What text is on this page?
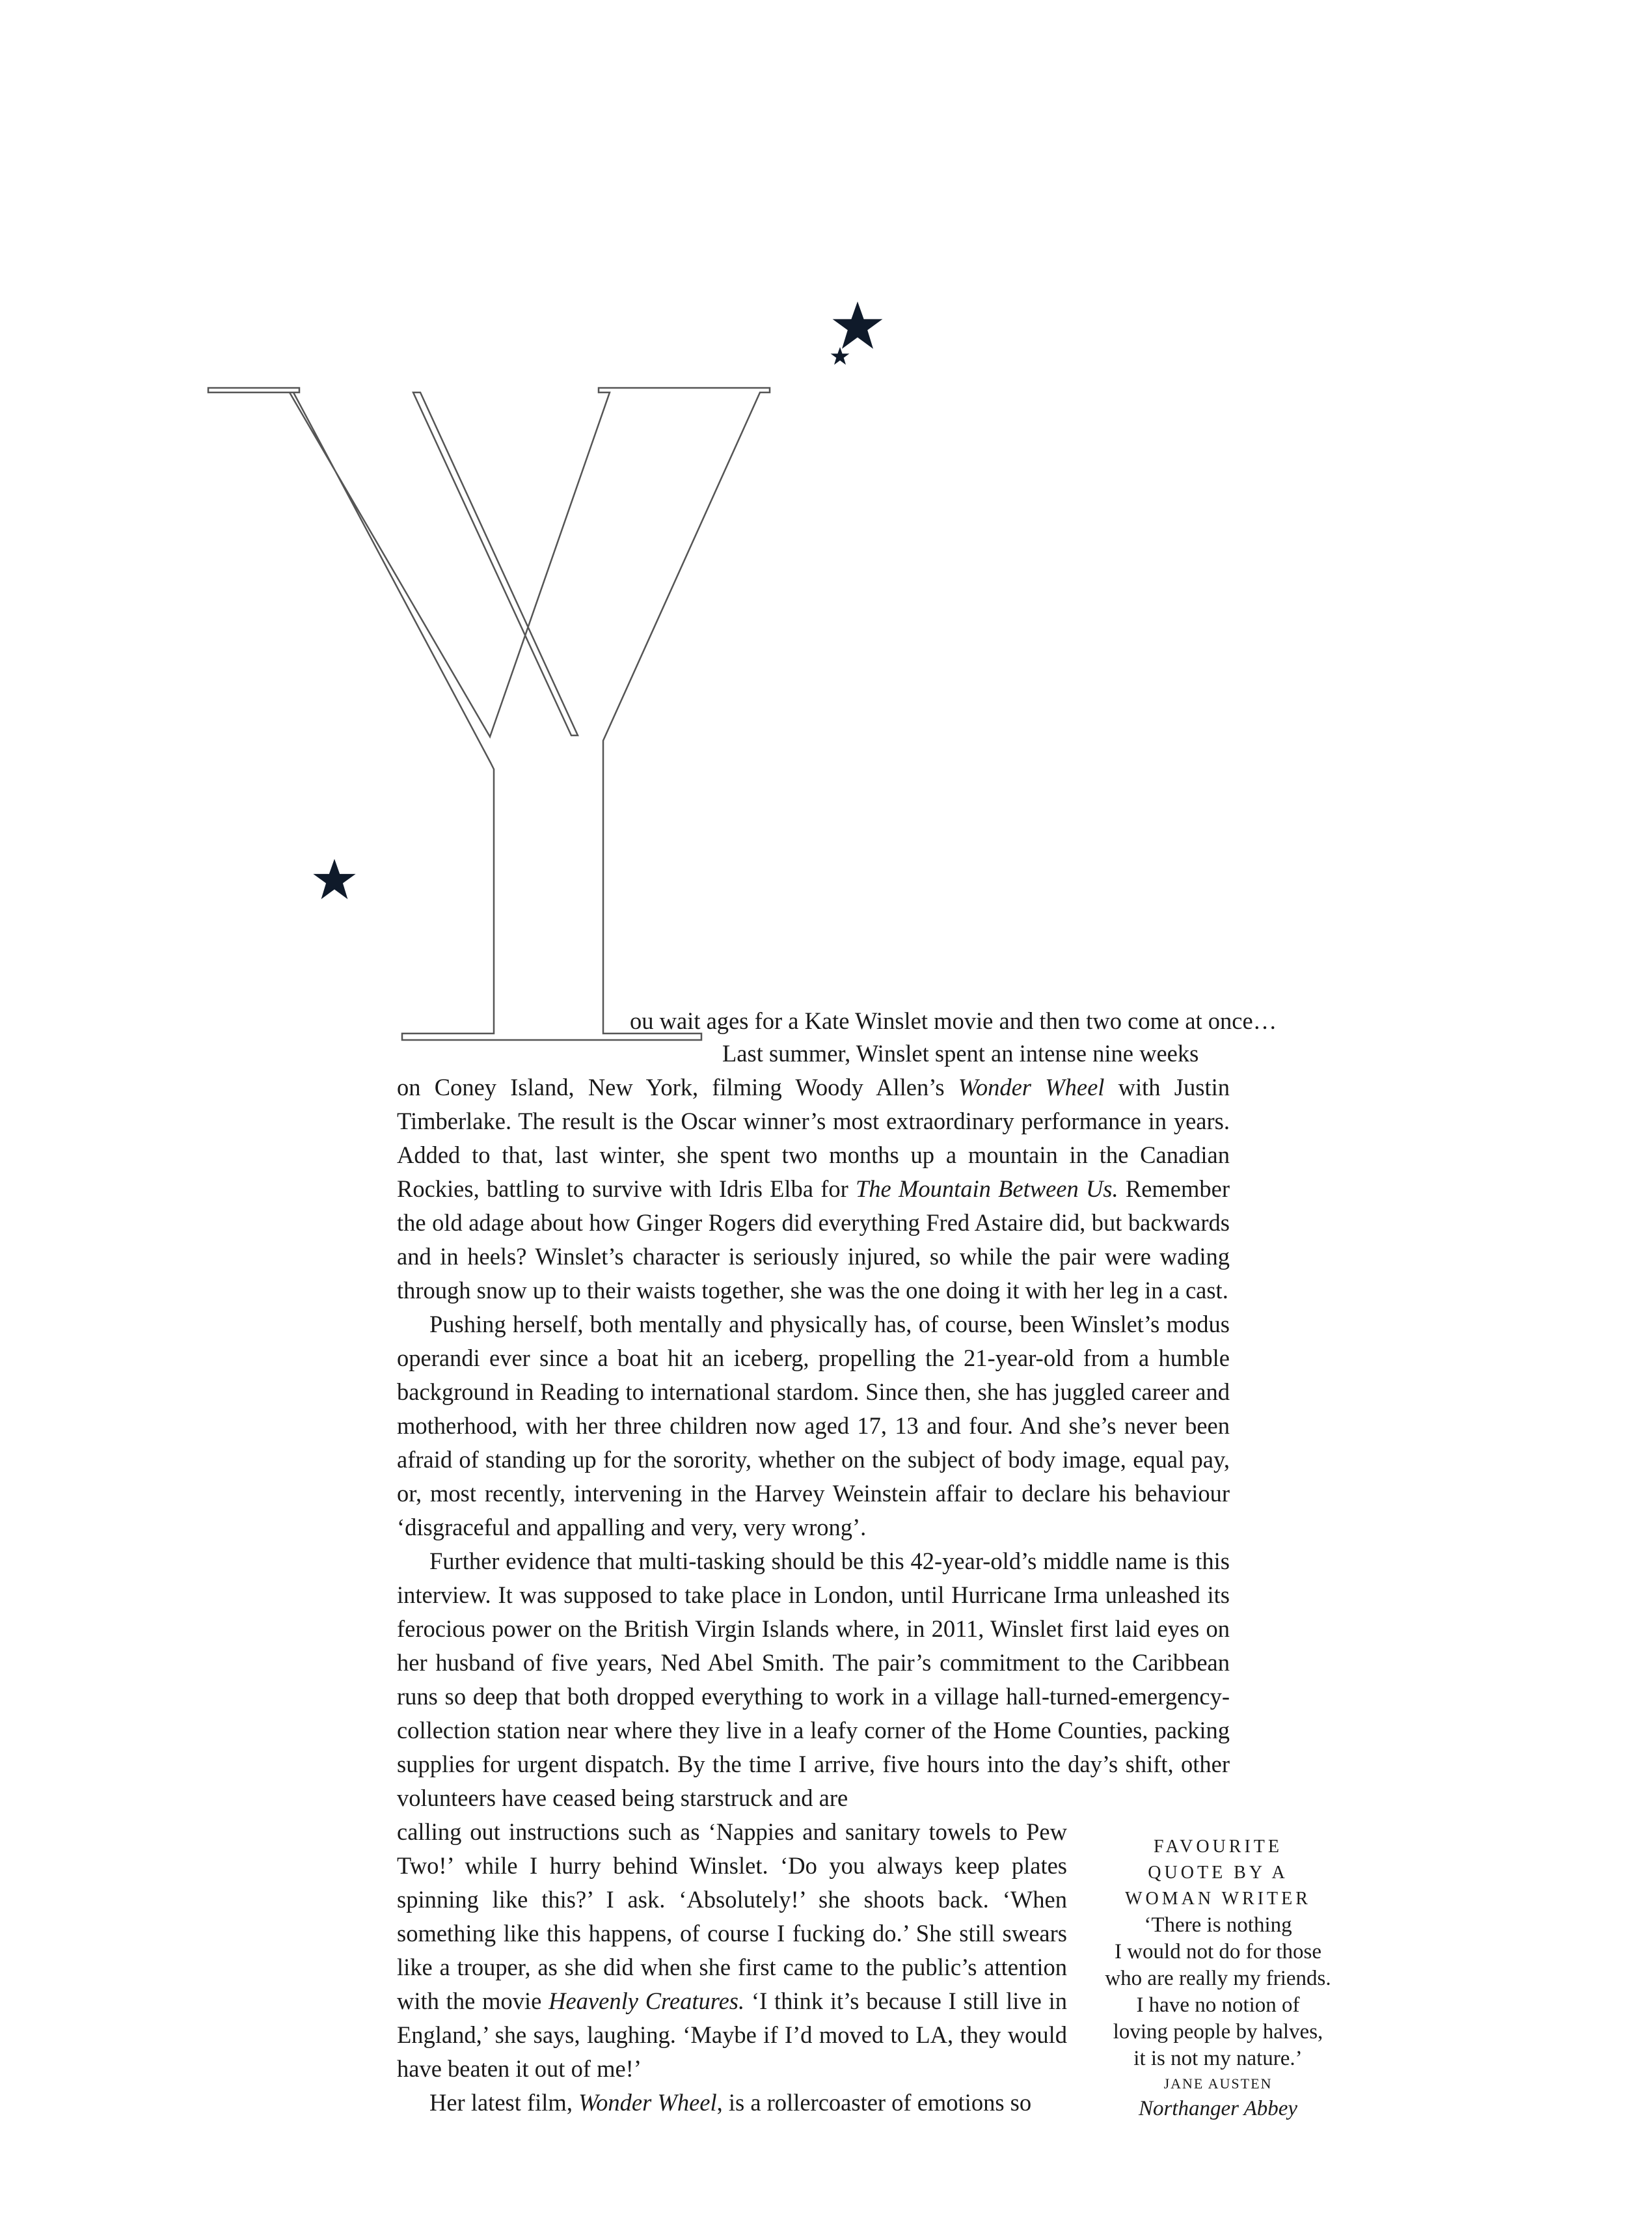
ou wait ages for a Kate Winslet movie and then two come at once…

Last summer, Winslet spent an intense nine weeks

on Coney Island, New York, filming Woody Allen’s Wonder Wheel with Justin Timberlake. The result is the Oscar winner’s most extraordinary performance in years. Added to that, last winter, she spent two months up a mountain in the Canadian Rockies, battling to survive with Idris Elba for The Mountain Between Us. Remember the old adage about how Ginger Rogers did everything Fred Astaire did, but backwards and in heels? Winslet’s character is seriously injured, so while the pair were wading through snow up to their waists together, she was the one doing it with her leg in a cast.

Pushing herself, both mentally and physically has, of course, been Winslet’s modus operandi ever since a boat hit an iceberg, propelling the 21-year-old from a humble background in Reading to international stardom. Since then, she has juggled career and motherhood, with her three children now aged 17, 13 and four. And she’s never been afraid of standing up for the sorority, whether on the subject of body image, equal pay, or, most recently, intervening in the Harvey Weinstein affair to declare his behaviour ‘disgraceful and appalling and very, very wrong’.

Further evidence that multi-tasking should be this 42-year-old’s middle name is this interview. It was supposed to take place in London, until Hurricane Irma unleashed its ferocious power on the British Virgin Islands where, in 2011, Winslet first laid eyes on her husband of five years, Ned Abel Smith. The pair’s commitment to the Caribbean runs so deep that both dropped everything to work in a village hall-turned-emergency-collection station near where they live in a leafy corner of the Home Counties, packing supplies for urgent dispatch. By the time I arrive, five hours into the day’s shift, other volunteers have ceased being starstruck and are

calling out instructions such as ‘Nappies and sanitary towels to Pew Two!’ while I hurry behind Winslet. ‘Do you always keep plates spinning like this?’ I ask. ‘Absolutely!’ she shoots back. ‘When something like this happens, of course I fucking do.’ She still swears like a trouper, as she did when she first came to the public’s attention with the movie Heavenly Creatures. ‘I think it’s because I still live in England,’ she says, laughing. ‘Maybe if I’d moved to LA, they would have beaten it out of me!’

Her latest film, Wonder Wheel, is a rollercoaster of emotions so

FAVOURITE
QUOTE BY A
WOMAN WRITER
‘There is nothing
I would not do for those
who are really my friends.
I have no notion of
loving people by halves,
it is not my nature.’
JANE AUSTEN
Northanger Abbey
